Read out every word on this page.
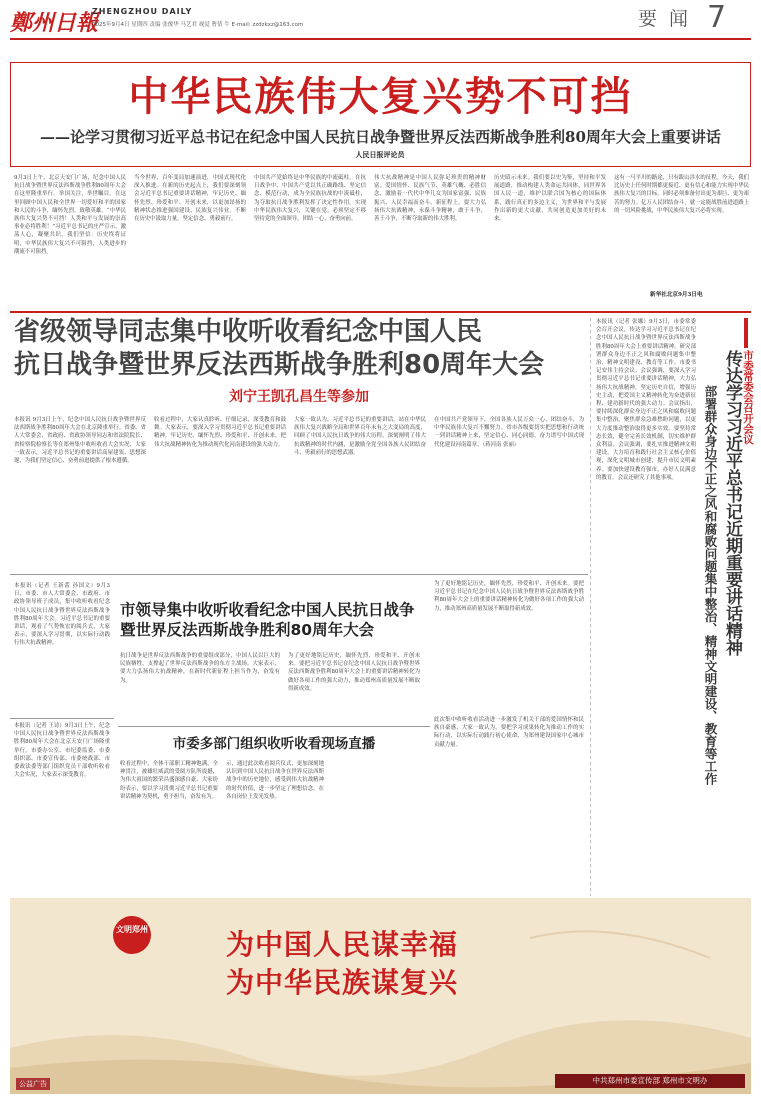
鄭州日報
ZHENGZHOU DAILY
2025年9月4日 星期四 责编 张俊华 马艺君 视觉 曹倩 牛 E-mail: zzdzkxz@163.com	要 闻 7
中华民族伟大复兴势不可挡
——论学习贯彻习近平总书记在纪念中国人民抗日战争暨世界反法西斯战争胜利80周年大会上重要讲话
人民日报评论员
9月3日上午，北京天安门广场，纪念中国人民抗日战争暨世界反法西斯战争胜利80周年大会在这里隆重举行。举国关注，举世瞩目。在这里回顾中国人民和全世界一切爱好和平的国家和人民的斗争，缅怀先烈，致敬英雄。“中华民族伟大复兴势不可挡！人类和平与发展的崇高事业必将胜利！”习近平总书记的庄严宣示，激荡人心，凝聚共识。我们坚信：历史终将证明，中华民族伟大复兴不可阻挡，人类进步的潮流不可阻挡。
当今世界，百年变局加速演进，中国式现代化深入推进。在新的历史起点上，我们要深刻领会习近平总书记重要讲话精神，牢记历史、缅怀先烈、珍爱和平、开创未来，以更加昂扬的精神状态推进强国建设、民族复兴伟业。不断在历史中汲取力量，坚定信念，勇毅前行。
中国共产党始终是中华民族的中流砥柱。在抗日战争中，中国共产党以其正确路线、坚定信念、模范行动，成为全民族抗战的中流砥柱，为夺取抗日战争胜利发挥了决定性作用。实现中华民族伟大复兴，关键在党。必须坚定不移坚持党的全面领导，团结一心，奋勇向前。
伟大抗战精神是中国人民弥足珍贵的精神财富。爱国情怀、民族气节、英雄气概、必胜信念，激励着一代代中华儿女为国家富强、民族振兴、人民幸福而奋斗。新征程上，要大力弘扬伟大抗战精神，永葆斗争精神，敢于斗争、善于斗争，不断夺取新的伟大胜利。
历史昭示未来。我们要以史为鉴，坚持和平发展道路，推动构建人类命运共同体，同世界各国人民一道，维护以联合国为核心的国际体系，践行真正的多边主义，为世界和平与发展作出新的更大贡献，共同创造更加美好的未来。
这有一马平川的路途，只有跋山涉水的征程。今天，我们比历史上任何时期都更接近、更有信心和能力实现中华民族伟大复兴的目标。同时必须准备付出更为艰巨、更为艰苦的努力。亿万人民团结奋斗，就一定能战胜前进道路上的一切风险挑战，中华民族伟大复兴必将实现。
新华社北京9月3日电
省级领导同志集中收听收看纪念中国人民
抗日战争暨世界反法西斯战争胜利80周年大会
刘宁王凯孔昌生等参加
本报讯 9月3日上午，纪念中国人民抗日战争暨世界反法西斯战争胜利80周年大会在北京隆重举行。省委、省人大常委会、省政府、省政协领导同志和省法院院长、省检察院检察长等在郑州集中收听收看大会实况，大家一致表示，习近平总书记的重要讲话高屋建瓴、思想深邃，为我们坚定信心、奋勇前进提供了根本遵循。
收看过程中，大家认真聆听、仔细记录，深受教育和鼓舞。大家表示，要深入学习贯彻习近平总书记重要讲话精神，牢记历史、缅怀先烈、珍爱和平、开创未来，把伟大抗战精神转化为推动现代化河南建设的强大动力。
大家一致认为，习近平总书记的重要讲话，站在中华民族伟大复兴战略全局和世界百年未有之大变局的高度，回顾了中国人民抗日战争的伟大历程，深刻阐明了伟大抗战精神的时代内涵，是激励全党全国各族人民团结奋斗、勇毅前行的思想武器。
在中国共产党领导下，全国各族人民万众一心、团结奋斗，为中华民族伟大复兴不懈努力。省市各级要切实把思想和行动统一到讲话精神上来，坚定信心、同心同德，奋力谱写中国式现代化建设河南篇章。（蒋河南 张丽）
本报讯（记者 王新蕾 孙国文）9月3日，市委、市人大常委会、市政府、市政协领导班子成员，集中收听收看纪念中国人民抗日战争暨世界反法西斯战争胜利80周年大会。习近平总书记的重要讲话，观看了气势恢宏的阅兵式，大家表示，要深入学习贯彻，以实际行动践行伟大抗战精神。
本报讯（记者 王诗）9月3日上午，纪念中国人民抗日战争暨世界反法西斯战争胜利80周年大会在北京天安门广场隆重举行。市委办公室、市纪委监委、市委组织部、市委宣传部、市委统战部、市委政法委等部门组织党员干部收听收看大会实况，大家表示深受教育。
市领导集中收听收看纪念中国人民抗日战争
暨世界反法西斯战争胜利80周年大会
抗日战争是世界反法西斯战争的重要组成部分，中国人民以巨大的民族牺牲，支撑起了世界反法西斯战争的东方主战场。大家表示，要大力弘扬伟大抗战精神，在新时代新征程上担当作为，奋发有为。
为了更好地铭记历史，缅怀先烈，珍爱和平、开创未来。要把习近平总书记在纪念中国人民抗日战争暨世界反法西斯战争胜利80周年大会上的重要讲话精神转化为做好各项工作的强大动力，推动郑州高质量发展不断取得新成效。
市委多部门组织收听收看现场直播
收看过程中，全体干部职工精神饱满，全神贯注，被雄壮威武的受阅方队所震撼，为伟大祖国的繁荣昌盛深感自豪。大家纷纷表示，要以学习贯彻习近平总书记重要讲话精神为契机，勇于担当，奋发有为。
示，通过此次收看阅兵仪式，更加深刻地认识到中国人民抗日战争在世界反法西斯战争中的历史地位，感受到伟大抗战精神的时代价值，进一步坚定了理想信念，在各自岗位上发光发热。
此次集中收听收看活动进一步激发了机关干部的爱国情怀和民族自豪感，大家一致认为，要把学习成果转化为推动工作的实际行动，以实际行动践行初心使命，为郑州建设国家中心城市贡献力量。
为了更好地铭记历史，缅怀先烈，珍爱和平、开创未来。要把习近平总书记在纪念中国人民抗日战争暨世界反法西斯战争胜利80周年大会上的重要讲话精神转化为做好各项工作的强大动力，推动郑州高质量发展不断取得新成效。
本报讯（记者 张娜）9月3日，市委常委会召开会议，传达学习习近平总书记在纪念中国人民抗日战争暨世界反法西斯战争胜利80周年大会上重要讲话精神，研究部署群众身边不正之风和腐败问题集中整治、精神文明建设、教育等工作。市委书记安伟主持会议。会议强调，要深入学习贯彻习近平总书记重要讲话精神，大力弘扬伟大抗战精神，坚定历史自信，增强历史主动，把爱国主义精神转化为奋进新征程、建功新时代的强大动力。会议指出，要持续深化群众身边不正之风和腐败问题集中整治，聚焦群众急难愁盼问题，以更大力度推动整治取得更多实效。要坚持常态长效，健全完善长效机制，切实维护群众利益。会议强调，要扎实推进精神文明建设，大力培育和践行社会主义核心价值观，深化文明城市创建，提升市民文明素养。要加快建设教育强市，办好人民满意的教育。会议还研究了其他事项。
市委常委会召开会议
传达学习习近平总书记近期重要讲话精神
部署群众身边不正之风和腐败问题集中整治、精神文明建设、教育等工作
文明郑州	为中国人民谋幸福
为中华民族谋复兴
公益广告	中共郑州市委宣传部 郑州市文明办
